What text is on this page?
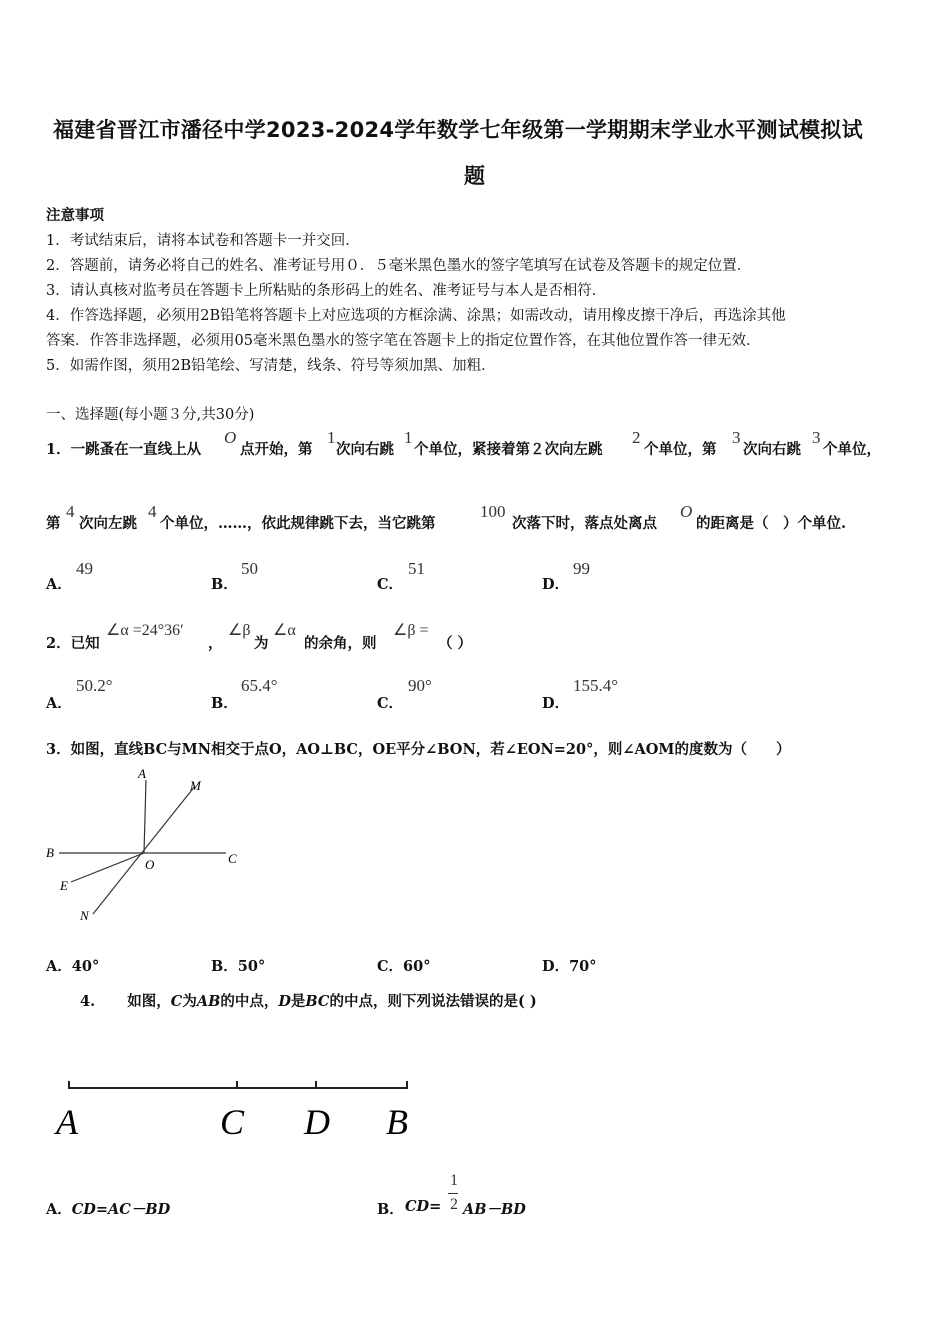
福建省晋江市潘径中学2023-2024学年数学七年级第一学期期末学业水平测试模拟试
题
注意事项
1．考试结束后，请将本试卷和答题卡一并交回．
2．答题前，请务必将自己的姓名、准考证号用０．５毫米黑色墨水的签字笔填写在试卷及答题卡的规定位置．
3．请认真核对监考员在答题卡上所粘贴的条形码上的姓名、准考证号与本人是否相符．
4．作答选择题，必须用2B铅笔将答题卡上对应选项的方框涂满、涂黑；如需改动，请用橡皮擦干净后，再选涂其他
答案．作答非选择题，必须用05毫米黑色墨水的签字笔在答题卡上的指定位置作答，在其他位置作答一律无效．
5．如需作图，须用2B铅笔绘、写清楚，线条、符号等须加黑、加粗．
一、选择题(每小题３分,共30分)
1．一跳蚤在一直线上从
O
点开始，第
1
次向右跳
1
个单位，紧接着第２次向左跳
2
个单位，第
3
次向右跳
3
个单位，
第
4
次向左跳
4
个单位，……，依此规律跳下去，当它跳第
100
次落下时，落点处离点
O
的距离是（　）个单位.
A．
49
B．
50
C．
51
D．
99
2．已知
∠α =24°36′
，
∠β
为
∠α
的余角，则
∠β =
（ ）
A．
50.2°
B．
65.4°
C．
90°
D．
155.4°
3．如图，直线BC与MN相交于点O，AO⊥BC，OE平分∠BON，若∠EON=20°，则∠AOM的度数为（　　）
A
M
B
O	C
E
N
A．40°	B．50°	C．60°	D．70°
4. 如图，C为AB的中点，D是BC的中点，则下列说法错误的是( )
A	C D B
A．CD=AC－BD	B． CD=
1
2 AB－BD
